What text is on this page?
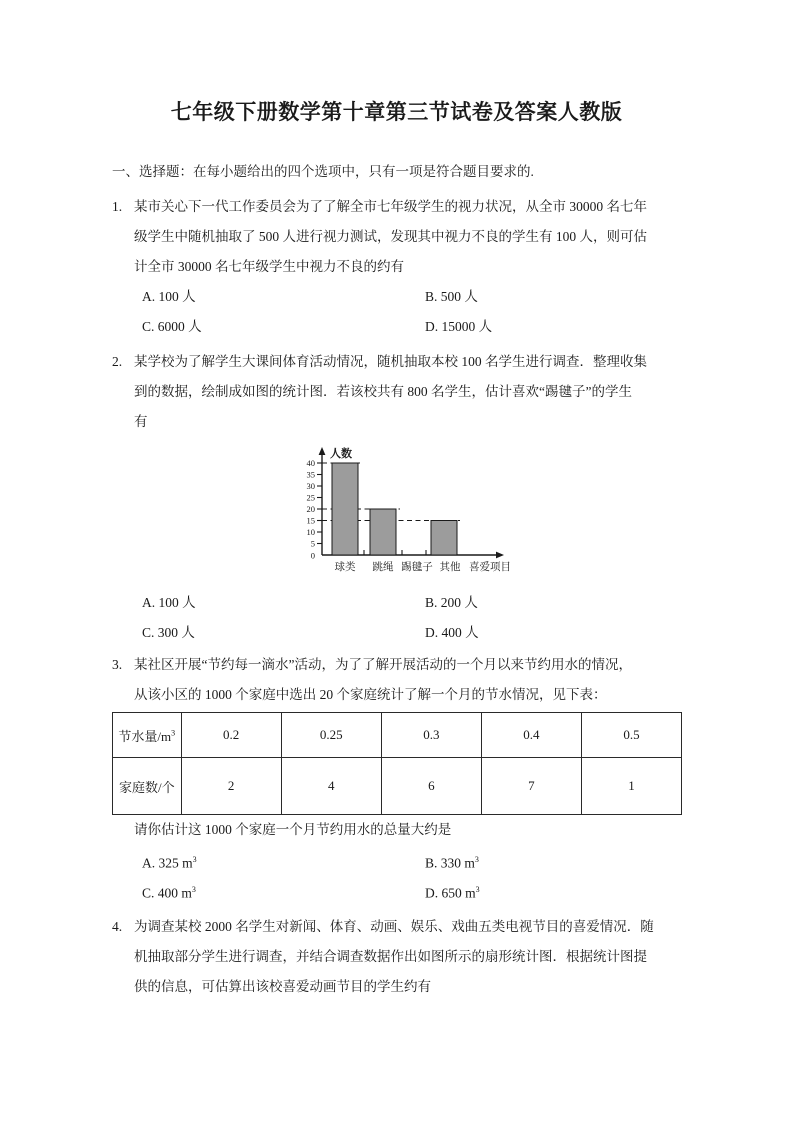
七年级下册数学第十章第三节试卷及答案人教版
一、选择题：在每小题给出的四个选项中，只有一项是符合题目要求的.
1. 某市关心下一代工作委员会为了了解全市七年级学生的视力状况，从全市 30000 名七年
级学生中随机抽取了 500 人进行视力测试，发现其中视力不良的学生有 100 人，则可估
计全市 30000 名七年级学生中视力不良的约有
A. 100 人	B. 500 人
C. 6000 人	D. 15000 人
2. 某学校为了解学生大课间体育活动情况，随机抽取本校 100 名学生进行调查．整理收集
到的数据，绘制成如图的统计图．若该校共有 800 名学生，估计喜欢“踢毽子”的学生
有
40
35
30
25
20
15
10
5
0
人数
球类 跳绳 踢毽子 其他 喜爱项目
A. 100 人	B. 200 人
C. 300 人	D. 400 人
3. 某社区开展“节约每一滴水”活动，为了了解开展活动的一个月以来节约用水的情况，
从该小区的 1000 个家庭中选出 20 个家庭统计了解一个月的节水情况，见下表：
节水量$/m^3$	0.2	0.25	0.3	0.4	0.5
家庭数/个	2	4	6	7	1
请你估计这 1000 个家庭一个月节约用水的总量大约是
A. 325 $m^3$	B. 330 $m^3$
C. 400 $m^3$	D. 650 $m^3$
4. 为调查某校 2000 名学生对新闻、体育、动画、娱乐、戏曲五类电视节目的喜爱情况．随
机抽取部分学生进行调查，并结合调查数据作出如图所示的扇形统计图．根据统计图提
供的信息，可估算出该校喜爱动画节目的学生约有
